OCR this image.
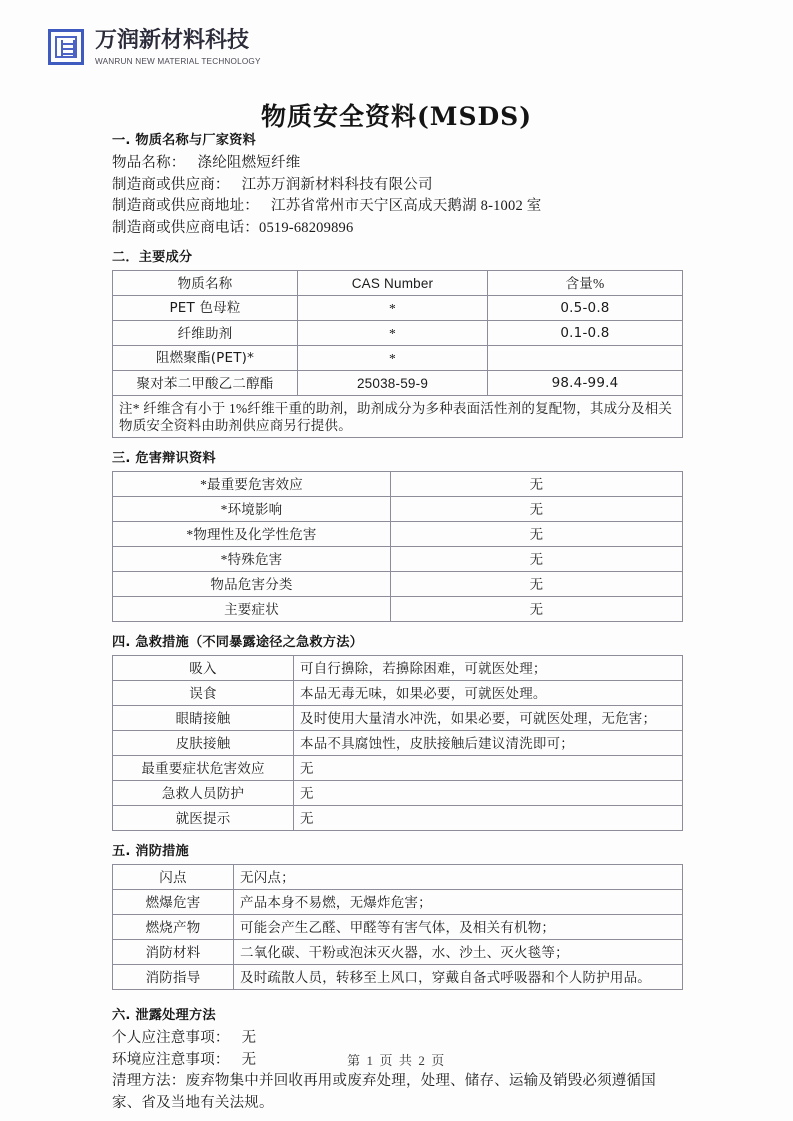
万润新材料科技
WANRUN NEW MATERIAL TECHNOLOGY
物质安全资料(MSDS)
一. 物质名称与厂家资料

物品名称： 涤纶阻燃短纤维

制造商或供应商： 江苏万润新材料科技有限公司

制造商或供应商地址： 江苏省常州市天宁区高成天鹅湖 8-1002 室

制造商或供应商电话：0519-68209896

二．主要成分
物质名称	CAS Number	含量%
PET 色母粒	*	0.5-0.8
纤维助剂	*	0.1-0.8
阻燃聚酯(PET)*	*	
聚对苯二甲酸乙二醇酯	25038-59-9	98.4-99.4
注* 纤维含有小于 1%纤维干重的助剂，助剂成分为多种表面活性剂的复配物，其成分及相关物质安全资料由助剂供应商另行提供。		
三. 危害辩识资料
*最重要危害效应	无
*环境影响	无
*物理性及化学性危害	无
*特殊危害	无
物品危害分类	无
主要症状	无
四. 急救措施（不同暴露途径之急救方法）
吸入	可自行擤除，若擤除困难，可就医处理；
误食	本品无毒无味，如果必要，可就医处理。
眼睛接触	及时使用大量清水冲洗，如果必要，可就医处理，无危害；
皮肤接触	本品不具腐蚀性，皮肤接触后建议清洗即可；
最重要症状危害效应	无
急救人员防护	无
就医提示	无
五. 消防措施
闪点	无闪点；
燃爆危害	产品本身不易燃，无爆炸危害；
燃烧产物	可能会产生乙醛、甲醛等有害气体，及相关有机物；
消防材料	二氧化碳、干粉或泡沫灭火器，水、沙土、灭火毯等；
消防指导	及时疏散人员，转移至上风口，穿戴自备式呼吸器和个人防护用品。
六. 泄露处理方法

个人应注意事项： 无

环境应注意事项： 无

清理方法：废弃物集中并回收再用或废弃处理，处理、储存、运输及销毁必须遵循国家、省及当地有关法规。

第 1 页 共 2 页
